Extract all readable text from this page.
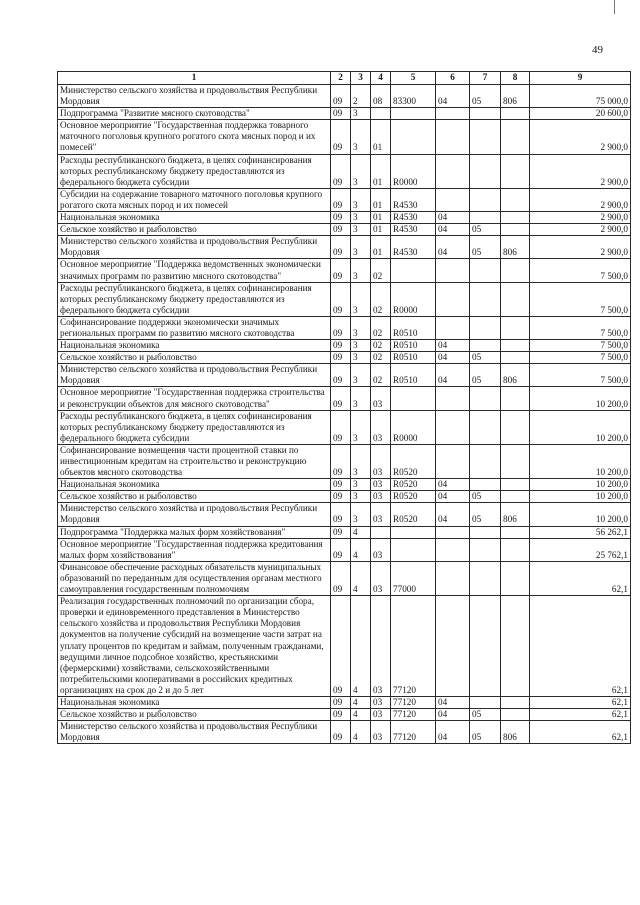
49
1	2	3	4	5	6	7	8	9
Министерство сельского хозяйства и продовольствия Республики Мордовия	09	2	08	83300	04	05	806	75 000,0
Подпрограмма "Развитие мясного скотоводства"	09	3						20 600,0
Основное мероприятие "Государственная поддержка товарного маточного поголовья крупного рогатого скота мясных пород и их помесей"	09	3	01					2 900,0
Расходы республиканского бюджета, в целях софинансирования которых республиканскому бюджету предоставляются из федерального бюджета субсидии	09	3	01	R0000				2 900,0
Субсидии на содержание товарного маточного поголовья крупного рогатого скота мясных пород и их помесей	09	3	01	R4530				2 900,0
Национальная экономика	09	3	01	R4530	04			2 900,0
Сельское хозяйство и рыболовство	09	3	01	R4530	04	05		2 900,0
Министерство сельского хозяйства и продовольствия Республики Мордовия	09	3	01	R4530	04	05	806	2 900,0
Основное мероприятие "Поддержка ведомственных экономически значимых программ по развитию мясного скотоводства"	09	3	02					7 500,0
Расходы республиканского бюджета, в целях софинансирования которых республиканскому бюджету предоставляются из федерального бюджета субсидии	09	3	02	R0000				7 500,0
Софинансирование поддержки экономически значимых региональных программ по развитию мясного скотоводства	09	3	02	R0510				7 500,0
Национальная экономика	09	3	02	R0510	04			7 500,0
Сельское хозяйство и рыболовство	09	3	02	R0510	04	05		7 500,0
Министерство сельского хозяйства и продовольствия Республики Мордовия	09	3	02	R0510	04	05	806	7 500,0
Основное мероприятие "Государственная поддержка строительства и реконструкции объектов для мясного скотоводства"	09	3	03					10 200,0
Расходы республиканского бюджета, в целях софинансирования которых республиканскому бюджету предоставляются из федерального бюджета субсидии	09	3	03	R0000				10 200,0
Софинансирование возмещения части процентной ставки по инвестиционным кредитам на строительство и реконструкцию объектов мясного скотоводства	09	3	03	R0520				10 200,0
Национальная экономика	09	3	03	R0520	04			10 200,0
Сельское хозяйство и рыболовство	09	3	03	R0520	04	05		10 200,0
Министерство сельского хозяйства и продовольствия Республики Мордовия	09	3	03	R0520	04	05	806	10 200,0
Подпрограмма "Поддержка малых форм хозяйствования"	09	4						56 262,1
Основное мероприятие "Государственная поддержка кредитования малых форм хозяйствования"	09	4	03					25 762,1
Финансовое обеспечение расходных обязательств муниципальных образований по переданным для осуществления органам местного самоуправления государственным полномочиям	09	4	03	77000				62,1
Реализация государственных полномочий по организации сбора, проверки и единовременного представления в Министерство сельского хозяйства и продовольствия Республики Мордовия документов на получение субсидий на возмещение части затрат на уплату процентов по кредитам и займам, полученным гражданами, ведущими личное подсобное хозяйство, крестьянскими (фермерскими) хозяйствами, сельскохозяйственными потребительскими кооперативами в российских кредитных организациях на срок до 2 и до 5 лет	09	4	03	77120				62,1
Национальная экономика	09	4	03	77120	04			62,1
Сельское хозяйство и рыболовство	09	4	03	77120	04	05		62,1
Министерство сельского хозяйства и продовольствия Республики Мордовия	09	4	03	77120	04	05	806	62,1
